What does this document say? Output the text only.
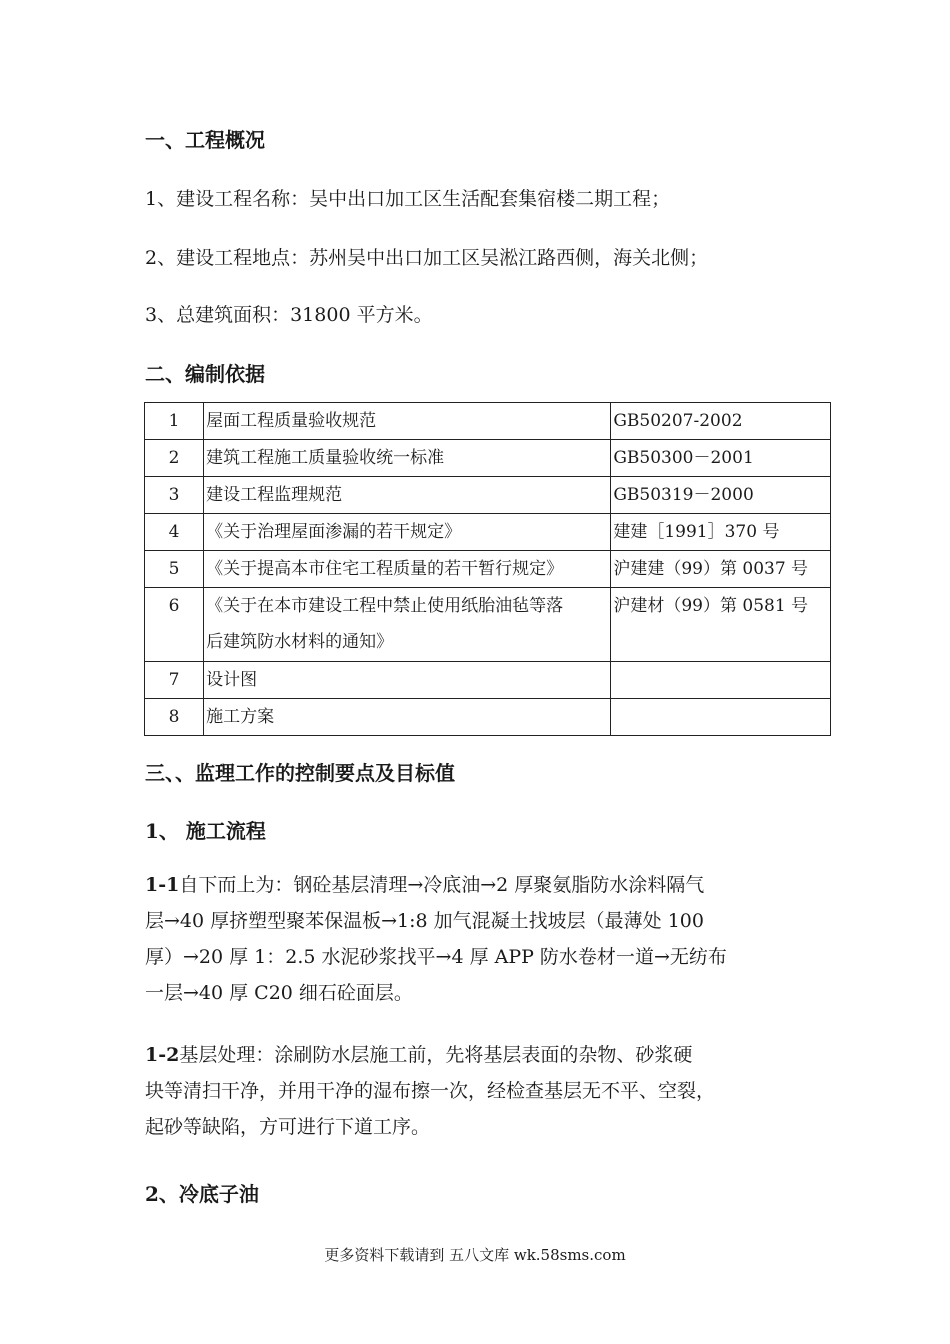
一、工程概况
1、建设工程名称：吴中出口加工区生活配套集宿楼二期工程；
2、建设工程地点：苏州吴中出口加工区吴淞江路西侧，海关北侧；
3、总建筑面积：31800 平方米。
二、编制依据
1	屋面工程质量验收规范	GB50207-2002
2	建筑工程施工质量验收统一标准	GB50300－2001
3	建设工程监理规范	GB50319－2000
4	《关于治理屋面渗漏的若干规定》	建建［1991］370 号
5	《关于提高本市住宅工程质量的若干暂行规定》	沪建建（99）第 0037 号
6	《关于在本市建设工程中禁止使用纸胎油毡等落
后建筑防水材料的通知》	沪建材（99）第 0581 号
7	设计图	
8	施工方案	
三、、监理工作的控制要点及目标值
1、 施工流程
1-1自下而上为：钢砼基层清理→冷底油→2 厚聚氨脂防水涂料隔气
层→40 厚挤塑型聚苯保温板→1:8 加气混凝土找坡层（最薄处 100
厚）→20 厚 1：2.5 水泥砂浆找平→4 厚 APP 防水卷材一道→无纺布
一层→40 厚 C20 细石砼面层。
1-2基层处理：涂刷防水层施工前，先将基层表面的杂物、砂浆硬
块等清扫干净，并用干净的湿布擦一次，经检查基层无不平、空裂，
起砂等缺陷，方可进行下道工序。
2、冷底子油
更多资料下载请到 五八文库 wk.58sms.com
